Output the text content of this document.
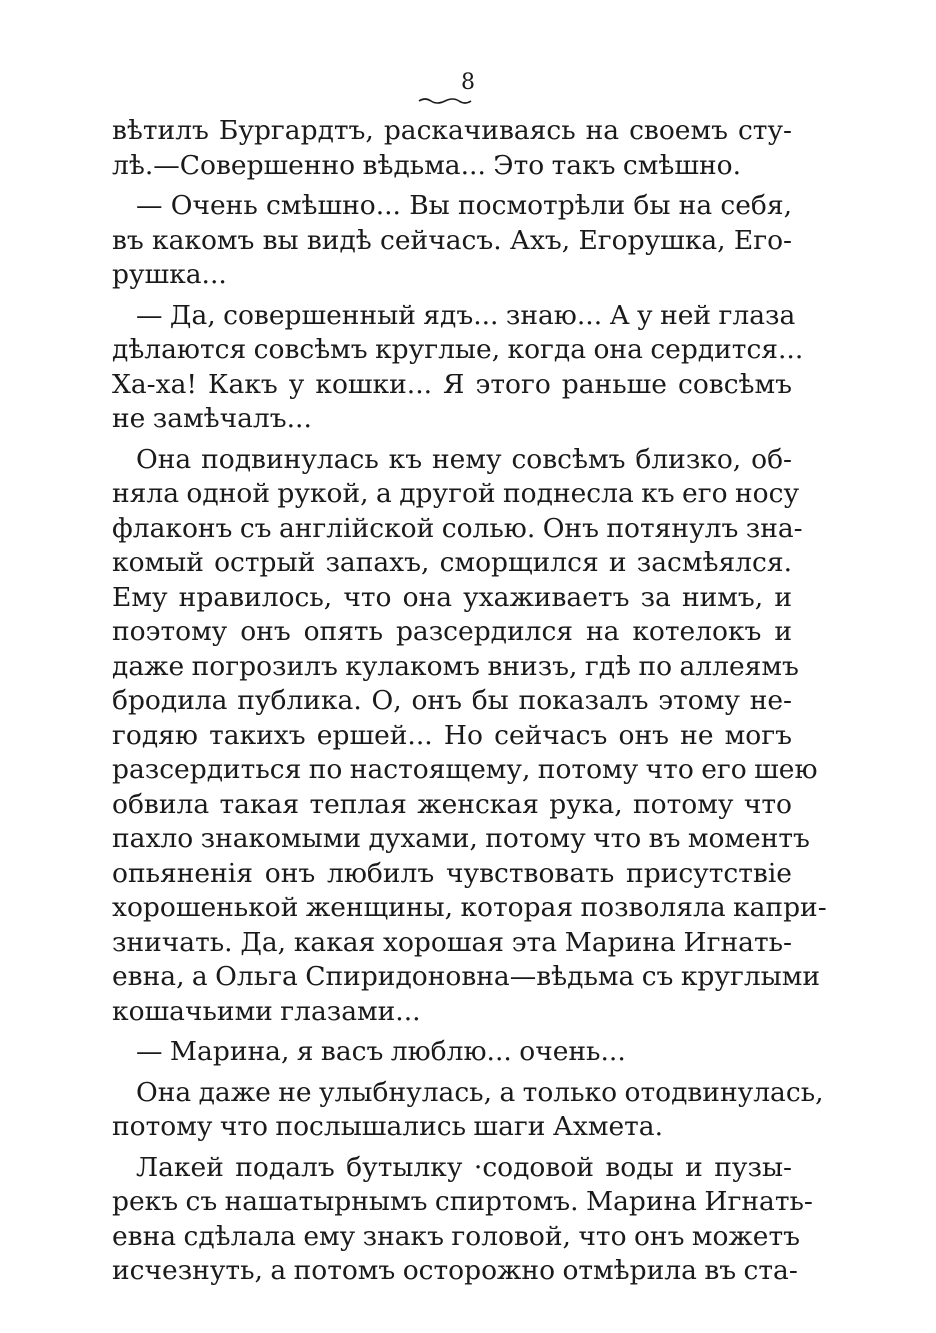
8
вѣтилъ Бургардтъ, раскачиваясь на своемъ сту-
лѣ.—Совершенно вѣдьма... Это такъ смѣшно.
— Очень смѣшно... Вы посмотрѣли бы на себя,
въ какомъ вы видѣ сейчасъ. Ахъ, Егорушка, Его-
рушка...
— Да, совершенный ядъ... знаю... А у ней глаза
дѣлаются совсѣмъ круглые, когда она сердится...
Ха-ха! Какъ у кошки... Я этого раньше совсѣмъ
не замѣчалъ...
Она подвинулась къ нему совсѣмъ близко, об-
няла одной рукой, а другой поднесла къ его носу
флаконъ съ англійской солью. Онъ потянулъ зна-
комый острый запахъ, сморщился и засмѣялся.
Ему нравилось, что она ухаживаетъ за нимъ, и
поэтому онъ опять разсердился на котелокъ и
даже погрозилъ кулакомъ внизъ, гдѣ по аллеямъ
бродила публика. О, онъ бы показалъ этому не-
годяю такихъ ершей... Но сейчасъ онъ не могъ
разсердиться по настоящему, потому что его шею
обвила такая теплая женская рука, потому что
пахло знакомыми духами, потому что въ моментъ
опьяненія онъ любилъ чувствовать присутствіе
хорошенькой женщины, которая позволяла капри-
зничать. Да, какая хорошая эта Марина Игнать-
евна, а Ольга Спиридоновна—вѣдьма съ круглыми
кошачьими глазами...
— Марина, я васъ люблю... очень...
Она даже не улыбнулась, а только отодвинулась,
потому что послышались шаги Ахмета.
Лакей подалъ бутылку ·содовой воды и пузы-
рекъ съ нашатырнымъ спиртомъ. Марина Игнать-
евна сдѣлала ему знакъ головой, что онъ можетъ
исчезнуть, а потомъ осторожно отмѣрила въ ста-
